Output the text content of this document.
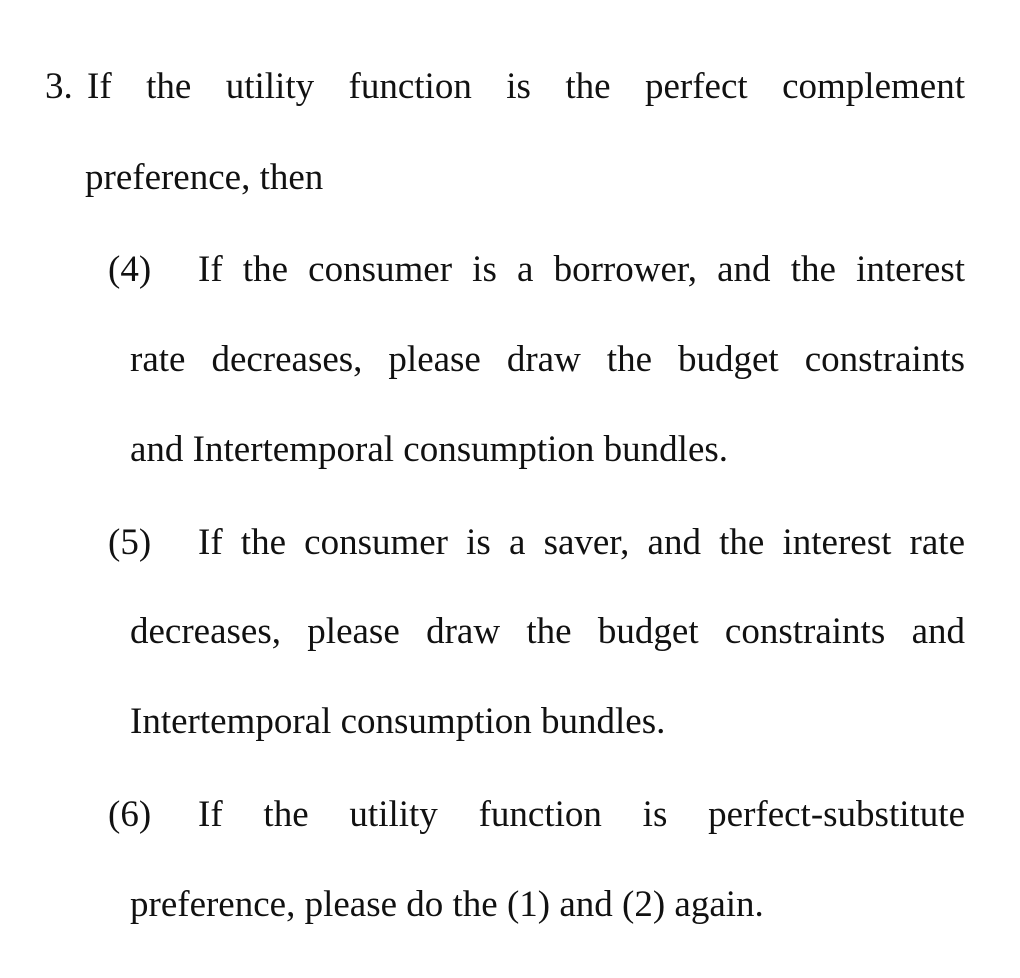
3. If the utility function is the perfect complement
preference, then
(4) If the consumer is a borrower, and the interest
rate decreases, please draw the budget constraints
and Intertemporal consumption bundles.
(5) If the consumer is a saver, and the interest rate
decreases, please draw the budget constraints and
Intertemporal consumption bundles.
(6) If the utility function is perfect-substitute
preference, please do the (1) and (2) again.
